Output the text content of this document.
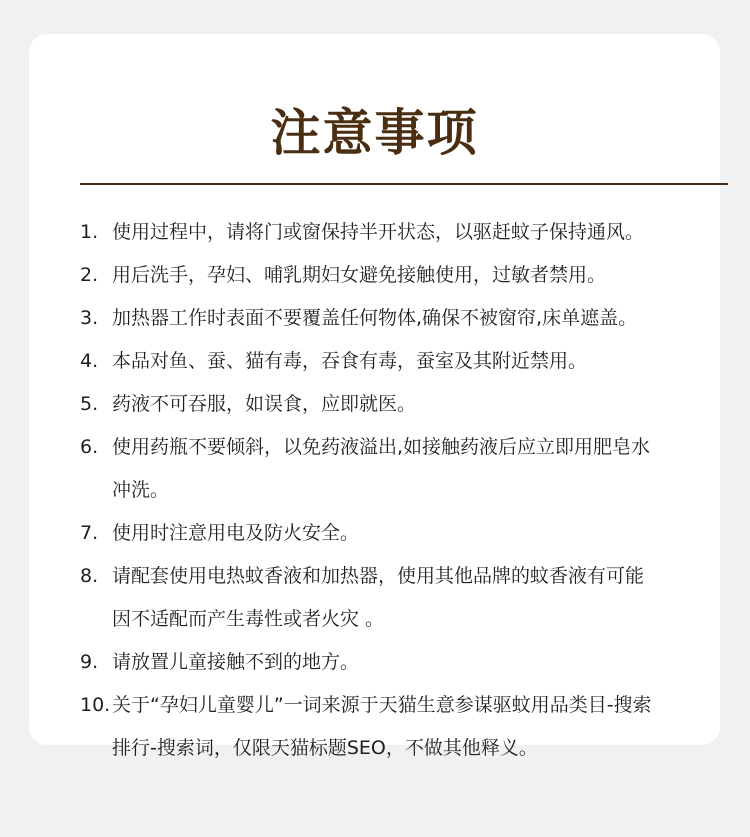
注意事项
1. 使用过程中，请将门或窗保持半开状态，以驱赶蚊子保持通风。
2. 用后洗手，孕妇、哺乳期妇女避免接触使用，过敏者禁用。
3. 加热器工作时表面不要覆盖任何物体,确保不被窗帘,床单遮盖。
4. 本品对鱼、蚕、猫有毒，吞食有毒，蚕室及其附近禁用。
5. 药液不可吞服，如误食，应即就医。
6. 使用药瓶不要倾斜，以免药液溢出,如接触药液后应立即用肥皂水
冲洗。
7. 使用时注意用电及防火安全。
8. 请配套使用电热蚊香液和加热器，使用其他品牌的蚊香液有可能
因不适配而产生毒性或者火灾 。
9. 请放置儿童接触不到的地方。
10. 关于“孕妇儿童婴儿”一词来源于天猫生意参谋驱蚊用品类目-搜索
排行-搜索词，仅限天猫标题SEO，不做其他释义。
